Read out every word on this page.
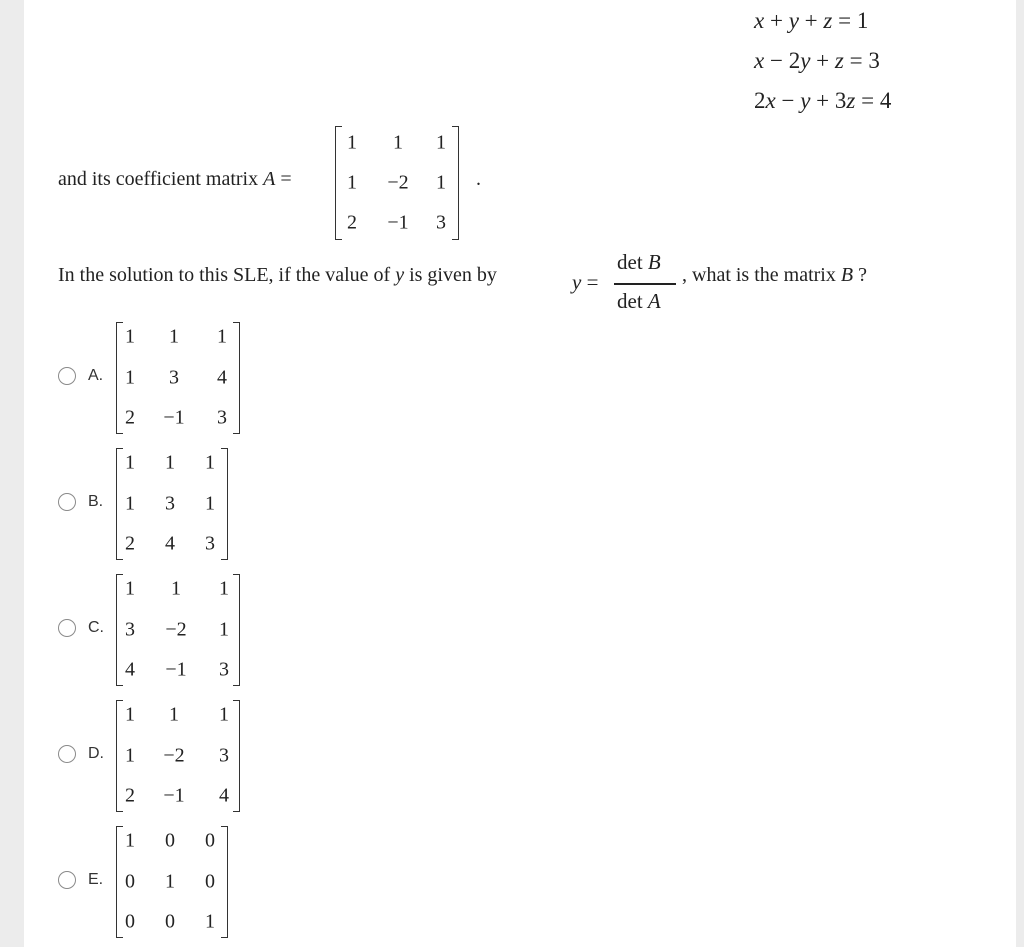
x + y + z = 1
x − 2y + z = 3
2x − y + 3z = 4
and its coefficient matrix A =
1 1 1
1 −2 1
2 −1 3
.
In the solution to this SLE, if the value of y is given by	y =
det B
det A
, what is the matrix B ?
A.
1 1 1
1 3 4
2 −1 3
B.
1 1 1
1 3 1
2 4 3
C.
1 1 1
3 −2 1
4 −1 3
D.
1 1 1
1 −2 3
2 −1 4
E.
1 0 0
0 1 0
0 0 1
